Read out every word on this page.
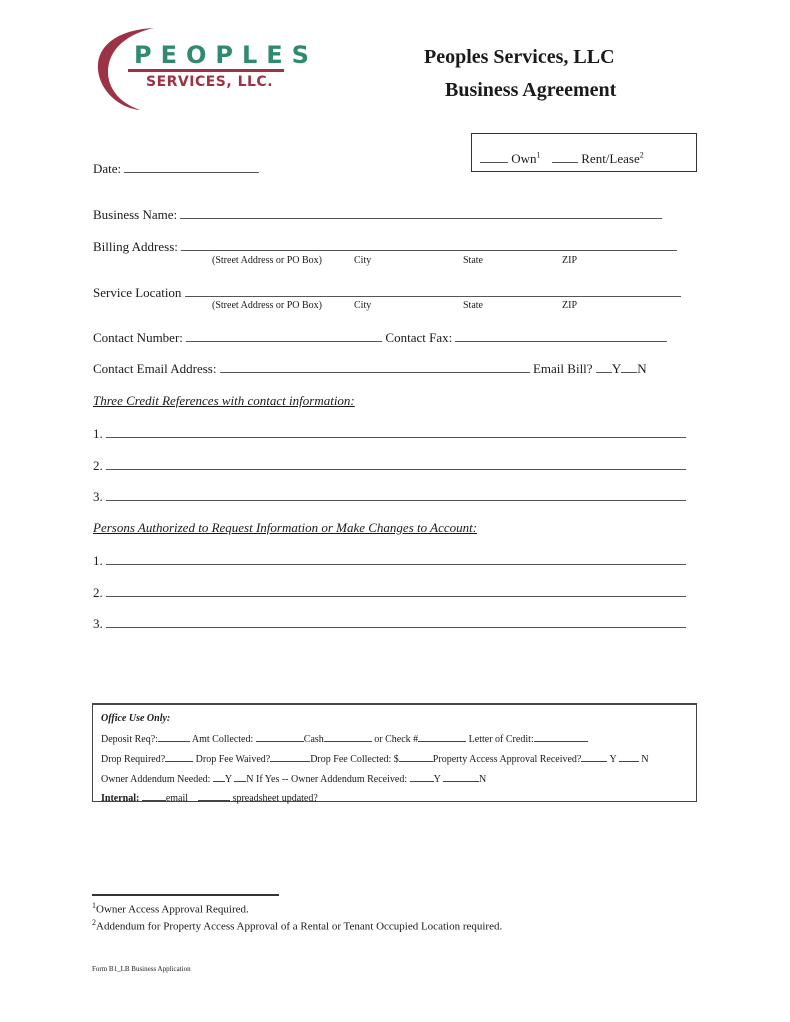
PEOPLES
SERVICES, LLC.
Peoples Services, LLC
Business Agreement
Own$^1$	Rent/Lease$^2$
Date:
Business Name:
Billing Address:
(Street Address or PO Box)	City	State	ZIP
Service Location
(Street Address or PO Box)	City	State	ZIP
Contact Number:	Contact Fax:
Contact Email Address:	Email Bill? Y N
Three Credit References with contact information:
1.
2.
3.
Persons Authorized to Request Information or Make Changes to Account:
1.
2.
3.
Office Use Only:
Deposit Req?:	Amt Collected:	Cash	or Check #	Letter of Credit:
Drop Required?	Drop Fee Waived?	Drop Fee Collected: $	Property Access Approval Received?	Y	N
Owner Addendum Needed: Y N If Yes -- Owner Addendum Received:	Y	N
Internal:	email	spreadsheet updated?
$^1$Owner Access Approval Required.
$^2$Addendum for Property Access Approval of a Rental or Tenant Occupied Location required.
Form B1_LB Business Application
